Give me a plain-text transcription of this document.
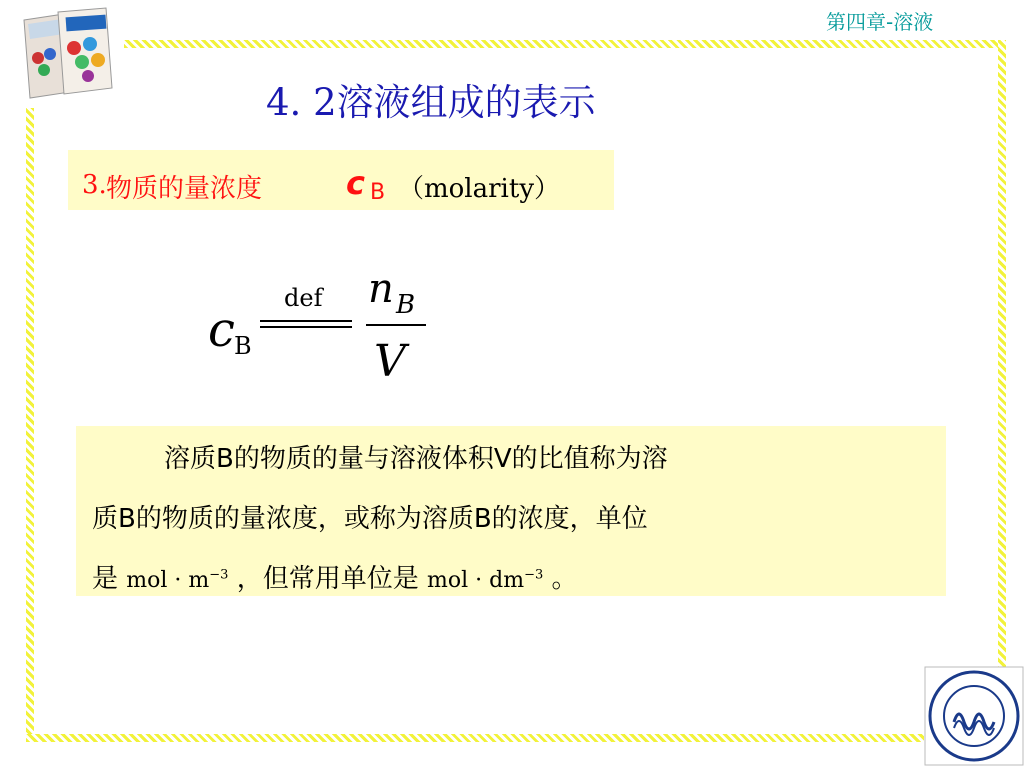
第四章-溶液
4. 2溶液组成的表示
3. 物质的量浓度	c B （molarity）
c B
def n B
V
溶质B的物质的量与溶液体积V的比值称为溶
质B的物质的量浓度，或称为溶质B的浓度，单位
是 mol · $m^{-3}$ ，但常用单位是 mol · $dm^{-3}$ 。
